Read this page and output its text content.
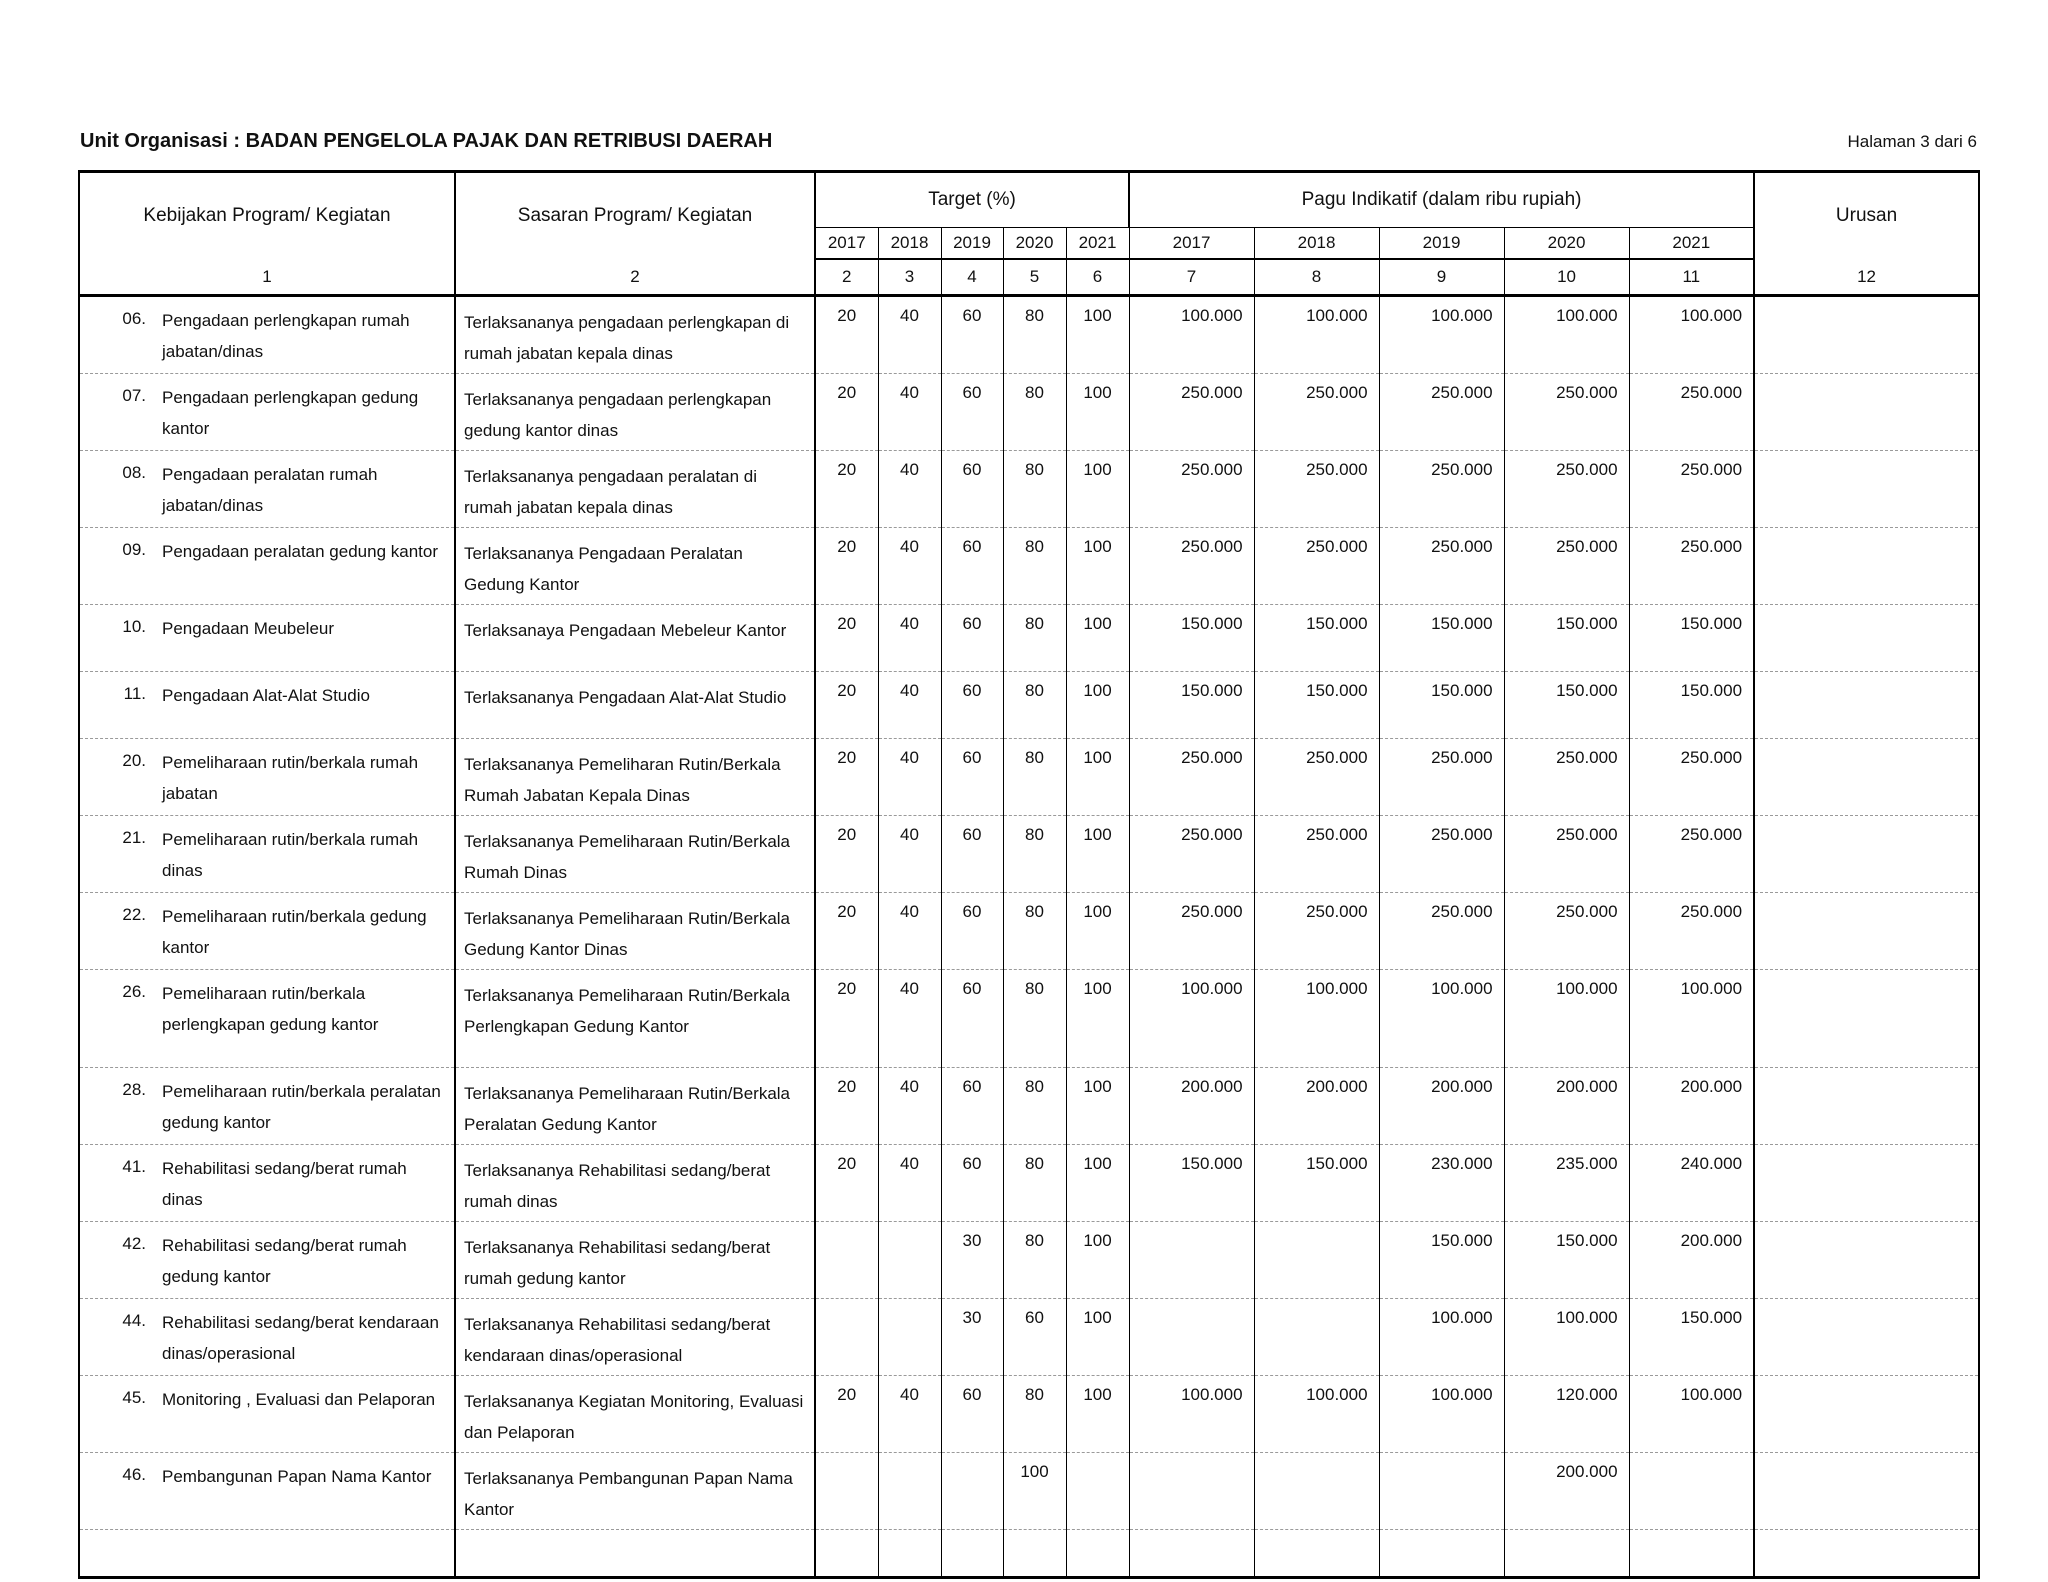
Unit Organisasi : BADAN PENGELOLA PAJAK DAN RETRIBUSI DAERAH	Halaman 3 dari 6
Kebijakan Program/ Kegiatan	Sasaran Program/ Kegiatan	Target (%)					Pagu Indikatif (dalam ribu rupiah)					Urusan
		2017	2018	2019	2020	2021	2017	2018	2019	2020	2021	
1	2	2	3	4	5	6	7	8	9	10	11	12

06. Pengadaan perlengkapan rumah jabatan/dinas	Terlaksananya pengadaan perlengkapan di rumah jabatan kepala dinas	20	40	60	80	100	100.000	100.000	100.000	100.000	100.000	

07. Pengadaan perlengkapan gedung kantor	Terlaksananya pengadaan perlengkapan gedung kantor dinas	20	40	60	80	100	250.000	250.000	250.000	250.000	250.000	

08. Pengadaan peralatan rumah jabatan/dinas	Terlaksananya pengadaan peralatan di rumah jabatan kepala dinas	20	40	60	80	100	250.000	250.000	250.000	250.000	250.000	

09. Pengadaan peralatan gedung kantor	Terlaksananya Pengadaan Peralatan Gedung Kantor	20	40	60	80	100	250.000	250.000	250.000	250.000	250.000	

10. Pengadaan Meubeleur	Terlaksanaya Pengadaan Mebeleur Kantor	20	40	60	80	100	150.000	150.000	150.000	150.000	150.000	

11. Pengadaan Alat-Alat Studio	Terlaksananya Pengadaan Alat-Alat Studio	20	40	60	80	100	150.000	150.000	150.000	150.000	150.000	

20. Pemeliharaan rutin/berkala rumah jabatan	Terlaksananya Pemeliharan Rutin/Berkala Rumah Jabatan Kepala Dinas	20	40	60	80	100	250.000	250.000	250.000	250.000	250.000	

21. Pemeliharaan rutin/berkala rumah dinas	Terlaksananya Pemeliharaan Rutin/Berkala Rumah Dinas	20	40	60	80	100	250.000	250.000	250.000	250.000	250.000	

22. Pemeliharaan rutin/berkala gedung kantor	Terlaksananya Pemeliharaan Rutin/Berkala Gedung Kantor Dinas	20	40	60	80	100	250.000	250.000	250.000	250.000	250.000	

26. Pemeliharaan rutin/berkala perlengkapan gedung kantor	Terlaksananya Pemeliharaan Rutin/Berkala Perlengkapan Gedung Kantor	20	40	60	80	100	100.000	100.000	100.000	100.000	100.000	

28. Pemeliharaan rutin/berkala peralatan gedung kantor	Terlaksananya Pemeliharaan Rutin/Berkala Peralatan Gedung Kantor	20	40	60	80	100	200.000	200.000	200.000	200.000	200.000	

41. Rehabilitasi sedang/berat rumah dinas	Terlaksananya Rehabilitasi sedang/berat rumah dinas	20	40	60	80	100	150.000	150.000	230.000	235.000	240.000	

42. Rehabilitasi sedang/berat rumah gedung kantor	Terlaksananya Rehabilitasi sedang/berat rumah gedung kantor			30	80	100			150.000	150.000	200.000	

44. Rehabilitasi sedang/berat kendaraan dinas/operasional	Terlaksananya Rehabilitasi sedang/berat kendaraan dinas/operasional			30	60	100			100.000	100.000	150.000	

45. Monitoring , Evaluasi dan Pelaporan	Terlaksananya Kegiatan Monitoring, Evaluasi dan Pelaporan	20	40	60	80	100	100.000	100.000	100.000	120.000	100.000	

46. Pembangunan Papan Nama Kantor	Terlaksananya Pembangunan Papan Nama Kantor				100					200.000		
